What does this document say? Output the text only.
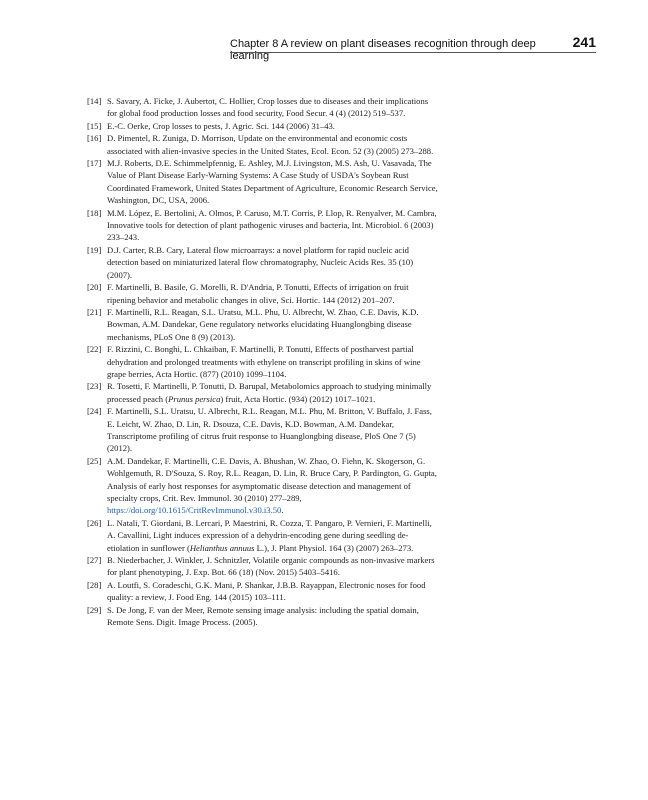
Chapter 8 A review on plant diseases recognition through deep learning
241
[14] S. Savary, A. Ficke, J. Aubertot, C. Hollier, Crop losses due to diseases and their implications for global food production losses and food security, Food Secur. 4 (4) (2012) 519–537.
[15] E.-C. Oerke, Crop losses to pests, J. Agric. Sci. 144 (2006) 31–43.
[16] D. Pimentel, R. Zuniga, D. Morrison, Update on the environmental and economic costs associated with alien-invasive species in the United States, Ecol. Econ. 52 (3) (2005) 273–288.
[17] M.J. Roberts, D.E. Schimmelpfennig, E. Ashley, M.J. Livingston, M.S. Ash, U. Vasavada, The Value of Plant Disease Early-Warning Systems: A Case Study of USDA's Soybean Rust Coordinated Framework, United States Department of Agriculture, Economic Research Service, Washington, DC, USA, 2006.
[18] M.M. López, E. Bertolini, A. Olmos, P. Caruso, M.T. Corris, P. Llop, R. Renyalver, M. Cambra, Innovative tools for detection of plant pathogenic viruses and bacteria, Int. Microbiol. 6 (2003) 233–243.
[19] D.J. Carter, R.B. Cary, Lateral flow microarrays: a novel platform for rapid nucleic acid detection based on miniaturized lateral flow chromatography, Nucleic Acids Res. 35 (10) (2007).
[20] F. Martinelli, B. Basile, G. Morelli, R. D'Andria, P. Tonutti, Effects of irrigation on fruit ripening behavior and metabolic changes in olive, Sci. Hortic. 144 (2012) 201–207.
[21] F. Martinelli, R.L. Reagan, S.L. Uratsu, M.L. Phu, U. Albrecht, W. Zhao, C.E. Davis, K.D. Bowman, A.M. Dandekar, Gene regulatory networks elucidating Huanglongbing disease mechanisms, PLoS One 8 (9) (2013).
[22] F. Rizzini, C. Bonghi, L. Chkaiban, F. Martinelli, P. Tonutti, Effects of postharvest partial dehydration and prolonged treatments with ethylene on transcript profiling in skins of wine grape berries, Acta Hortic. (877) (2010) 1099–1104.
[23] R. Tosetti, F. Martinelli, P. Tonutti, D. Barupal, Metabolomics approach to studying minimally processed peach (Prunus persica) fruit, Acta Hortic. (934) (2012) 1017–1021.
[24] F. Martinelli, S.L. Uratsu, U. Albrecht, R.L. Reagan, M.L. Phu, M. Britton, V. Buffalo, J. Fass, E. Leicht, W. Zhao, D. Lin, R. Dsouza, C.E. Davis, K.D. Bowman, A.M. Dandekar, Transcriptome profiling of citrus fruit response to Huanglongbing disease, PloS One 7 (5) (2012).
[25] A.M. Dandekar, F. Martinelli, C.E. Davis, A. Bhushan, W. Zhao, O. Fiehn, K. Skogerson, G. Wohlgemuth, R. D'Souza, S. Roy, R.L. Reagan, D. Lin, R. Bruce Cary, P. Pardington, G. Gupta, Analysis of early host responses for asymptomatic disease detection and management of specialty crops, Crit. Rev. Immunol. 30 (2010) 277–289, https://doi.org/10.1615/CritRevImmunol.v30.i3.50.
[26] L. Natali, T. Giordani, B. Lercari, P. Maestrini, R. Cozza, T. Pangaro, P. Vernieri, F. Martinelli, A. Cavallini, Light induces expression of a dehydrin-encoding gene during seedling de-etiolation in sunflower (Helianthus annuus L.), J. Plant Physiol. 164 (3) (2007) 263–273.
[27] B. Niederbacher, J. Winkler, J. Schnitzler, Volatile organic compounds as non-invasive markers for plant phenotyping, J. Exp. Bot. 66 (18) (Nov. 2015) 5403–5416.
[28] A. Loutfi, S. Coradeschi, G.K. Mani, P. Shankar, J.B.B. Rayappan, Electronic noses for food quality: a review, J. Food Eng. 144 (2015) 103–111.
[29] S. De Jong, F. van der Meer, Remote sensing image analysis: including the spatial domain, Remote Sens. Digit. Image Process. (2005).
